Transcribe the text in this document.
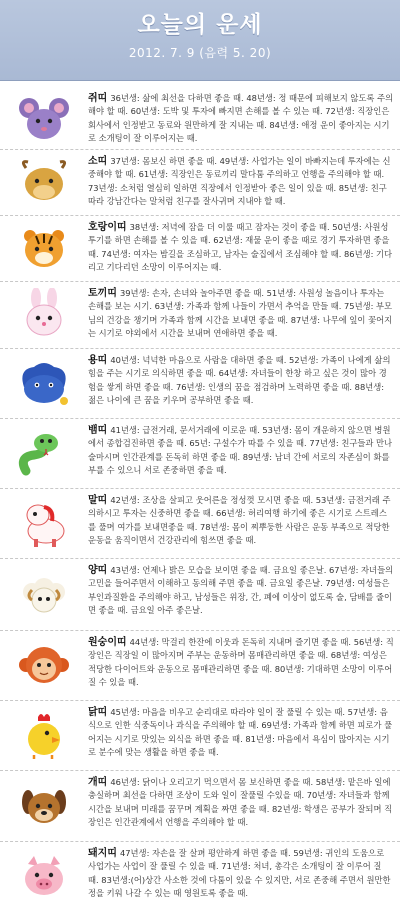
오늘의 운세
2012. 7. 9 (음력 5. 20)
쥐띠 36년생: 삶에 최선을 다하면 좋을 때. 48년생: 정 때문에 피해보지 않도록 주의해야 할 때. 60년생: 도박 및 투자에 빠지면 손해를 볼 수 있는 때. 72년생: 직장인은 회사에서 인정받고 동료와 원만하게 잘 지내는 때. 84년생: 애정 운이 좋아지는 시기로 소개팅이 잘 이루어지는 때.
소띠 37년생: 몸보신 하면 좋을 때. 49년생: 사업가는 일이 바빠지는데 투자에는 신중해야 할 때. 61년생: 직장인은 동료끼리 말다툼 주의하고 언행을 주의해야 할 때. 73년생: 소처럼 열심히 일하면 직장에서 인정받아 좋은 일이 있을 때. 85년생: 친구따라 강남간다는 말처럼 친구를 잘사귀며 지내야 할 때.
호랑이띠 38년생: 저녁에 잠을 더 이룰 때고 잠자는 것이 좋을 때. 50년생: 사원성 투기를 하면 손해를 볼 수 있을 때. 62년생: 재물 운이 좋을 때로 경기 투자하면 좋을 때. 74년생: 여자는 밤길을 조심하고, 남자는 술집에서 조심해야 할 때. 86년생: 기다리고 기다리던 소망이 이루어지는 때.
토끼띠 39년생: 손자, 손녀와 놀아주면 좋을 때. 51년생: 사원성 놀음이나 투자는 손해를 보는 시기. 63년생: 가족과 함께 나들이 가면서 추억을 만들 때. 75년생: 부모님의 건강을 챙기며 가족과 함께 시간을 보내면 좋을 때. 87년생: 나무에 잎이 꽃어지는 시기로 야외에서 시간을 보내며 연애하면 좋을 때.
용띠 40년생: 넉넉한 마음으로 사람을 대하면 좋을 때. 52년생: 가족이 나에게 삶의 힘을 주는 시기로 의식하면 좋을 때. 64년생: 자녀들이 한창 하고 싶은 것이 많아 경험을 쌓게 하면 좋을 때. 76년생: 인생의 꿈을 점검하며 노력하면 좋을 때. 88년생: 젊은 나이에 큰 꿈을 키우며 공부하면 좋을 때.
뱀띠 41년생: 급전거래, 문서거래에 이로운 때. 53년생: 몸이 개운하지 않으면 병원에서 종합검진하면 좋을 때. 65년: 구설수가 따를 수 있을 때. 77년생: 친구들과 만나 술마시며 인간관계를 돈독히 하면 좋을 때. 89년생: 남녀 간에 서로의 자존심이 화를 부를 수 있으니 서로 존중하면 좋을 때.
말띠 42년생: 조상을 살피고 웃어른을 정성껏 모시면 좋을 때. 53년생: 금전거래 주의하시고 투자는 신중하면 좋을 때. 66년생: 허리여행 하기에 좋은 시기로 스트레스를 풀며 여가를 보내면좋을 때. 78년생: 몸이 찌뿌둥한 사람은 운동 부족으로 적당한 운동을 움직이면서 건강관리에 힘쓰면 좋을 때.
양띠 43년생: 언제나 밝은 모습을 보이면 좋을 때. 금요일 좋은날. 67년생: 자녀들의 고민을 들어주면서 이해하고 동의해 주면 좋을 때. 금요일 좋은날. 79년생: 여성들은 부인과질환을 주의해야 하고, 남성들은 위장, 간, 폐에 이상이 없도록 술, 담배를 줄이면 좋을 때. 금요일 아주 좋은날.
원숭이띠 44년생: 막걸리 한잔에 이웃과 돈독히 지내며 즐기면 좋을 때. 56년생: 직장인은 직장일 이 많아지며 주부는 운동하며 몸매관리하면 좋을 때. 68년생: 여성은 적당한 다이어트와 운동으로 몸매관리하면 좋을 때. 80년생: 기대하면 소망이 이루어질 수 있을 때.
닭띠 45년생: 마음을 비우고 순리대로 따라야 일이 잘 풀릴 수 있는 때. 57년생: 음식으로 인한 식중독이나 과식을 주의해야 할 때. 69년생: 가족과 함께 하면 피로가 풀어지는 시기로 맛있는 외식을 하면 좋을 때. 81년생: 마음에서 욕심이 많아지는 시기로 분수에 맞는 생활을 하면 좋을 때.
개띠 46년생: 닭이나 오리고기 먹으면서 몸 보신하면 좋을 때. 58년생: 맡은바 일에 충실하며 최선을 다하면 조상이 도와 일이 잘풀릴 수있을 때. 70년생: 자녀들과 함께 시간을 보내며 미래를 꿈꾸며 계획을 짜면 좋을 때. 82년생: 학생은 공부가 잘되며 직장인은 인간관계에서 언행을 주의해야 할 때.
돼지띠 47년생: 자손을 잘 살펴 평안하게 하면 좋을 때. 59년생: 귀인의 도움으로 사업가는 사업이 잘 풀릴 수 있을 때. 71년생: 처녀, 총각은 소개팅이 잘 이루어 질 때. 83년생:(어)상간 사소한 것에 다툼이 있을 수 있지만, 서로 존중해 주면서 원만한 정을 키워 나갈 수 있는 때 영원토록 좋을 때.
